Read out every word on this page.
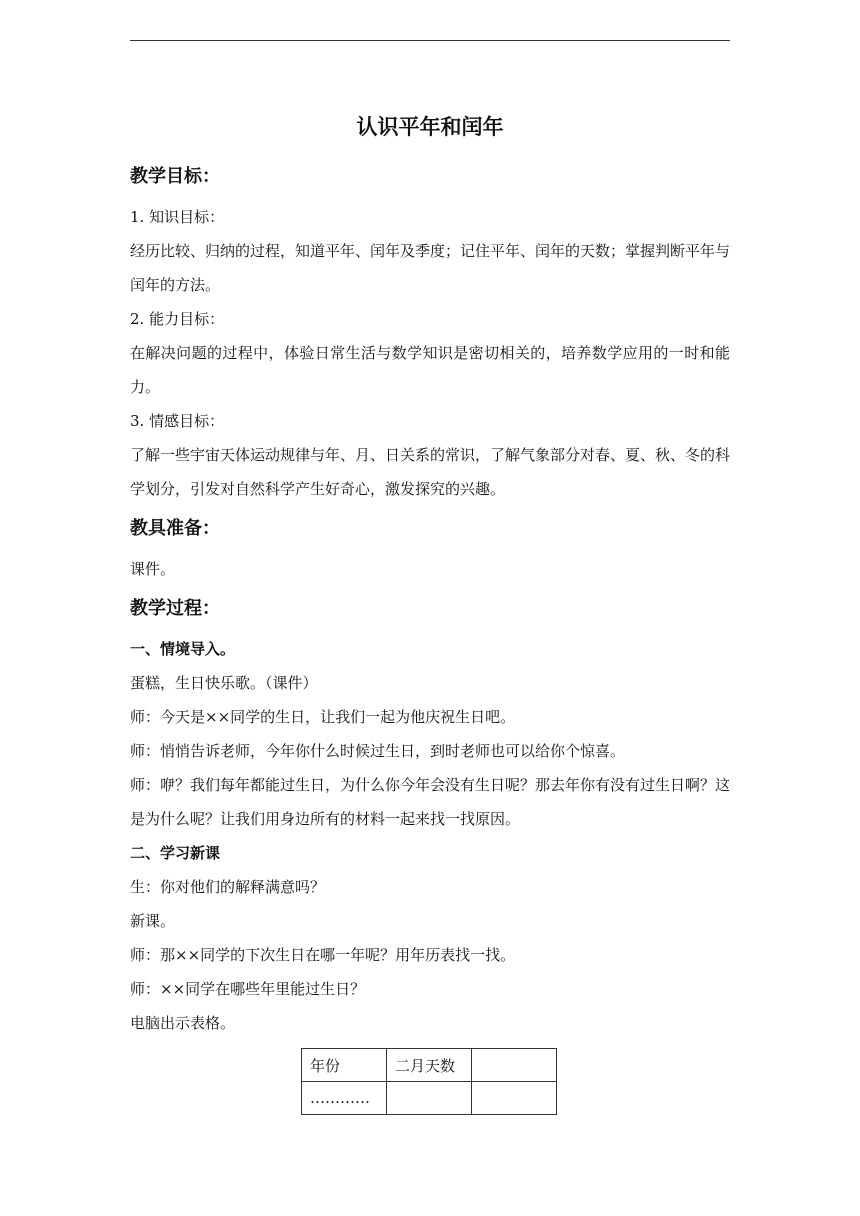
认识平年和闰年
教学目标：

1. 知识目标：

经历比较、归纳的过程，知道平年、闰年及季度；记住平年、闰年的天数；掌握判断平年与闰年的方法。

2. 能力目标：

在解决问题的过程中，体验日常生活与数学知识是密切相关的，培养数学应用的一时和能力。

3. 情感目标：

了解一些宇宙天体运动规律与年、月、日关系的常识，了解气象部分对春、夏、秋、冬的科学划分，引发对自然科学产生好奇心，激发探究的兴趣。

教具准备：

课件。

教学过程：

一、情境导入。

蛋糕，生日快乐歌。（课件）

师：今天是××同学的生日，让我们一起为他庆祝生日吧。

师：悄悄告诉老师，今年你什么时候过生日，到时老师也可以给你个惊喜。

师：咿？我们每年都能过生日，为什么你今年会没有生日呢？那去年你有没有过生日啊？这是为什么呢？让我们用身边所有的材料一起来找一找原因。

二、学习新课

生：你对他们的解释满意吗？

新课。

师：那××同学的下次生日在哪一年呢？用年历表找一找。

师：××同学在哪些年里能过生日？

电脑出示表格。

年份	二月天数	
…………		
